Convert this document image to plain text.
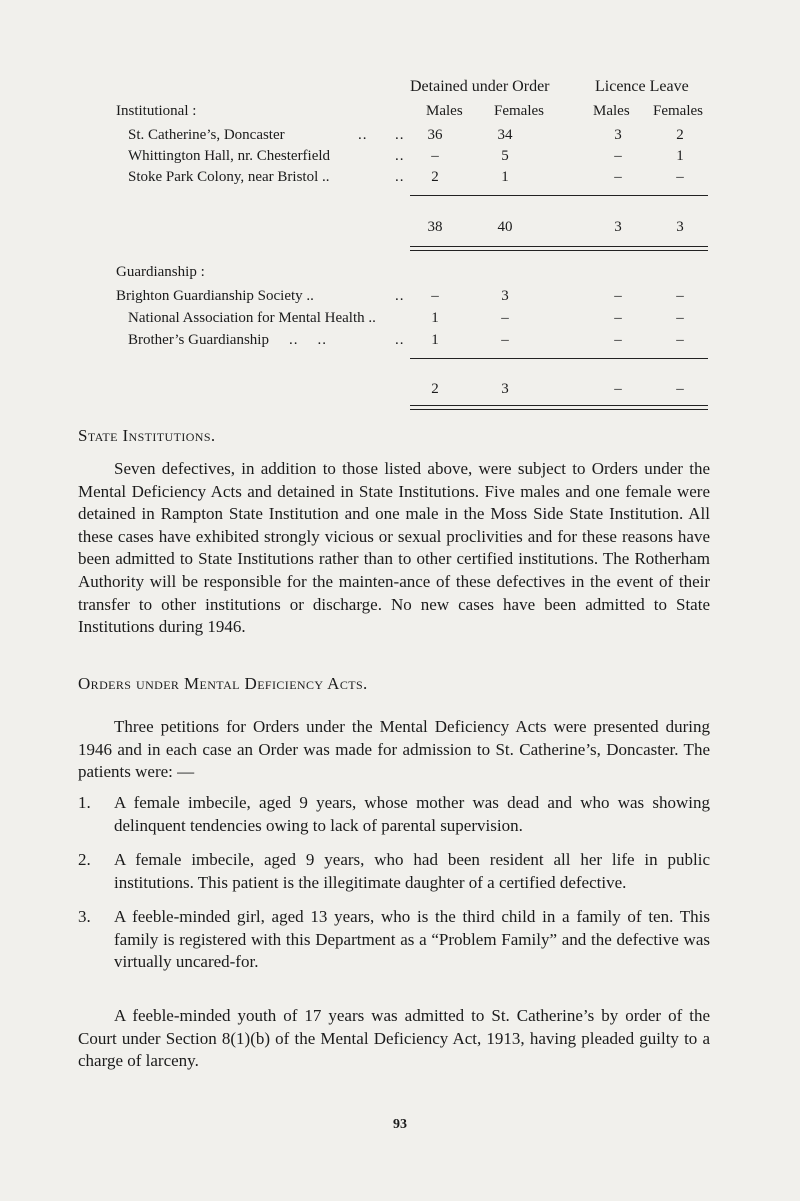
Detained under Order	Licence Leave
Institutional :	Males Females	Males Females
St. Catherine’s, Doncaster	.. ..	36	34	3	2
Whittington Hall, nr. Chesterfield	..	–	5	–	1
Stoke Park Colony, near Bristol ..	..	2	1	–	–
38	40	3	3
Guardianship :
Brighton Guardianship Society ..	..	–	3	–	–
National Association for Mental Health ..	1	–	–	–
Brother’s Guardianship ..    ..	..	1	–	–	–
2	3	–	–
State Institutions.
Seven defectives, in addition to those listed above, were subject to Orders under the Mental Deficiency Acts and detained in State Institutions. Five males and one female were detained in Rampton State Institution and one male in the Moss Side State Institution. All these cases have exhibited strongly vicious or sexual proclivities and for these reasons have been admitted to State Institutions rather than to other certified institutions. The Rotherham Authority will be responsible for the mainten-ance of these defectives in the event of their transfer to other institutions or discharge. No new cases have been admitted to State Institutions during 1946.
Orders under Mental Deficiency Acts.
Three petitions for Orders under the Mental Deficiency Acts were presented during 1946 and in each case an Order was made for admission to St. Catherine’s, Doncaster. The patients were: —
1. A female imbecile, aged 9 years, whose mother was dead and who was showing delinquent tendencies owing to lack of parental supervision.
2. A female imbecile, aged 9 years, who had been resident all her life in public institutions. This patient is the illegitimate daughter of a certified defective.
3. A feeble-minded girl, aged 13 years, who is the third child in a family of ten. This family is registered with this Department as a “Problem Family” and the defective was virtually uncared-for.
A feeble-minded youth of 17 years was admitted to St. Catherine’s by order of the Court under Section 8(1)(b) of the Mental Deficiency Act, 1913, having pleaded guilty to a charge of larceny.
93
